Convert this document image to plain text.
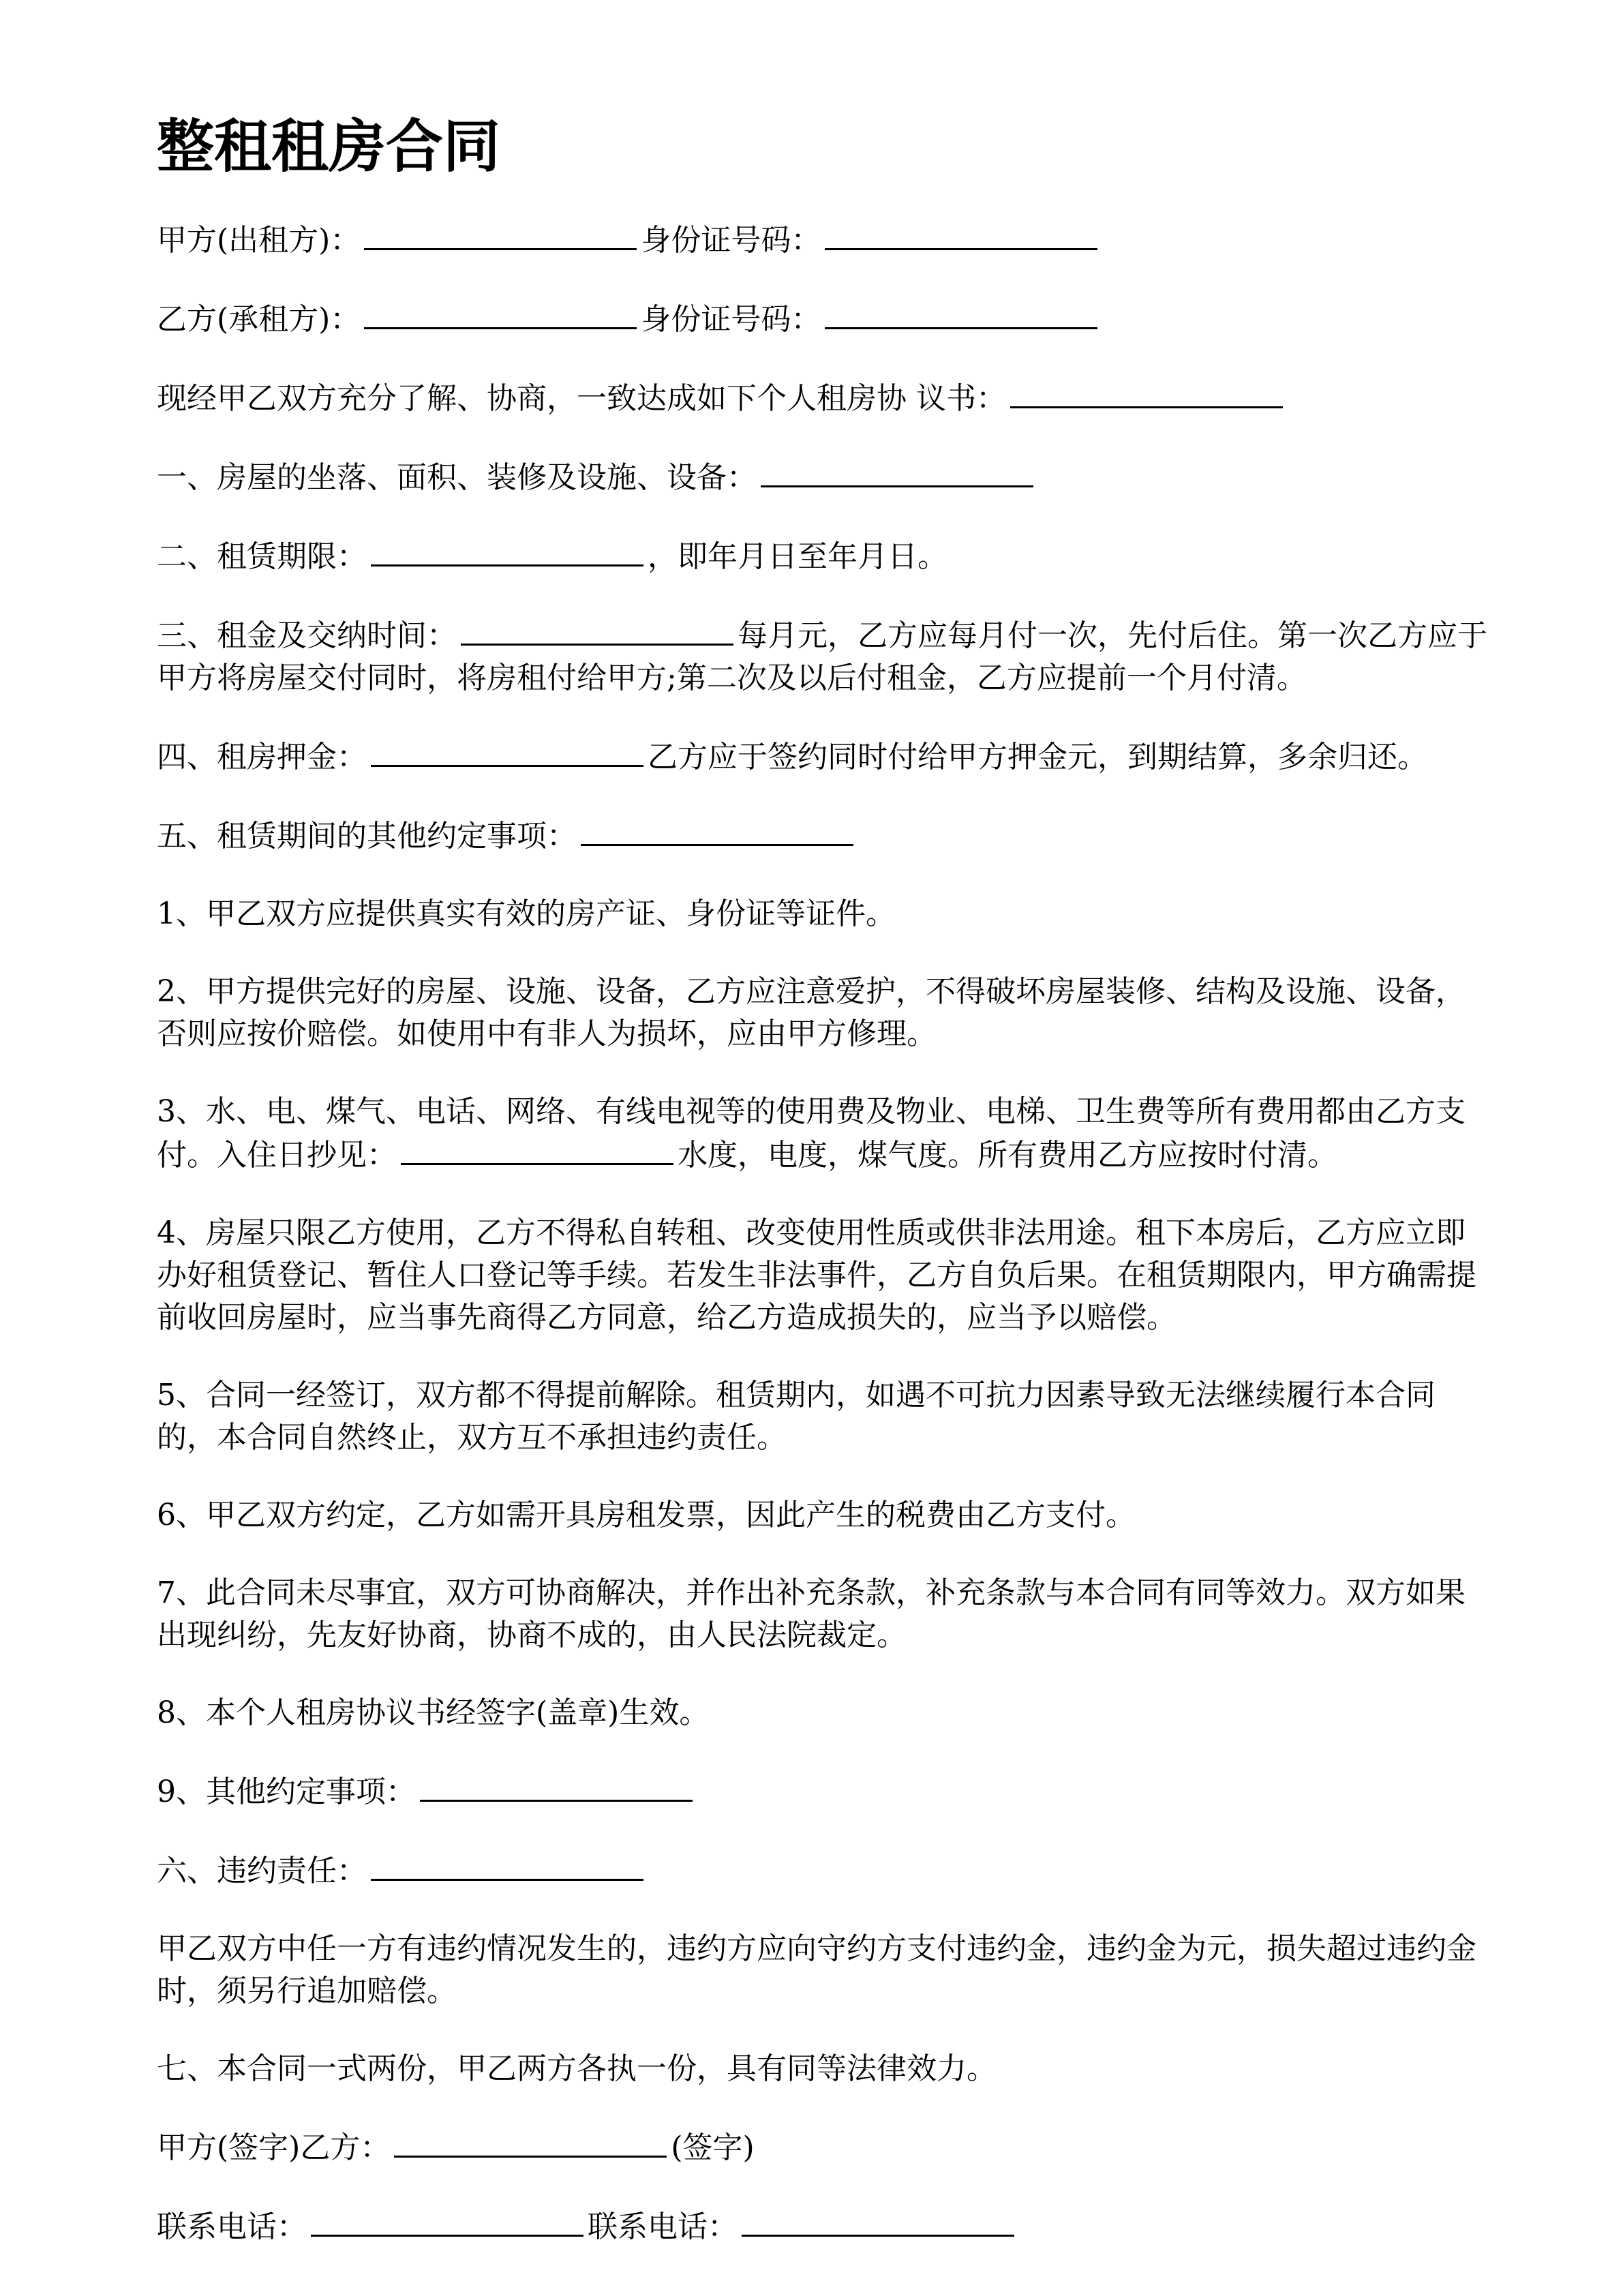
整租租房合同

甲方(出租方)：	身份证号码：

乙方(承租方)：	身份证号码：

现经甲乙双方充分了解、协商，一致达成如下个人租房协 议书：

一、房屋的坐落、面积、装修及设施、设备：

二、租赁期限：	，即年月日至年月日。

三、租金及交纳时间：	每月元，乙方应每月付一次，先付后住。第一次乙方应于甲方将房屋交付同时，将房租付给甲方;第二次及以后付租金，乙方应提前一个月付清。

四、租房押金：	乙方应于签约同时付给甲方押金元，到期结算，多余归还。

五、租赁期间的其他约定事项：

1、甲乙双方应提供真实有效的房产证、身份证等证件。

2、甲方提供完好的房屋、设施、设备，乙方应注意爱护，不得破坏房屋装修、结构及设施、设备，否则应按价赔偿。如使用中有非人为损坏，应由甲方修理。

3、水、电、煤气、电话、网络、有线电视等的使用费及物业、电梯、卫生费等所有费用都由乙方支付。入住日抄见：	水度，电度，煤气度。所有费用乙方应按时付清。

4、房屋只限乙方使用，乙方不得私自转租、改变使用性质或供非法用途。租下本房后，乙方应立即办好租赁登记、暂住人口登记等手续。若发生非法事件，乙方自负后果。在租赁期限内，甲方确需提前收回房屋时，应当事先商得乙方同意，给乙方造成损失的，应当予以赔偿。

5、合同一经签订，双方都不得提前解除。租赁期内，如遇不可抗力因素导致无法继续履行本合同的，本合同自然终止，双方互不承担违约责任。

6、甲乙双方约定，乙方如需开具房租发票，因此产生的税费由乙方支付。

7、此合同未尽事宜，双方可协商解决，并作出补充条款，补充条款与本合同有同等效力。双方如果出现纠纷，先友好协商，协商不成的，由人民法院裁定。

8、本个人租房协议书经签字(盖章)生效。

9、其他约定事项：

六、违约责任：

甲乙双方中任一方有违约情况发生的，违约方应向守约方支付违约金，违约金为元，损失超过违约金时，须另行追加赔偿。

七、本合同一式两份，甲乙两方各执一份，具有同等法律效力。

甲方(签字)乙方：	(签字)

联系电话：	联系电话：
